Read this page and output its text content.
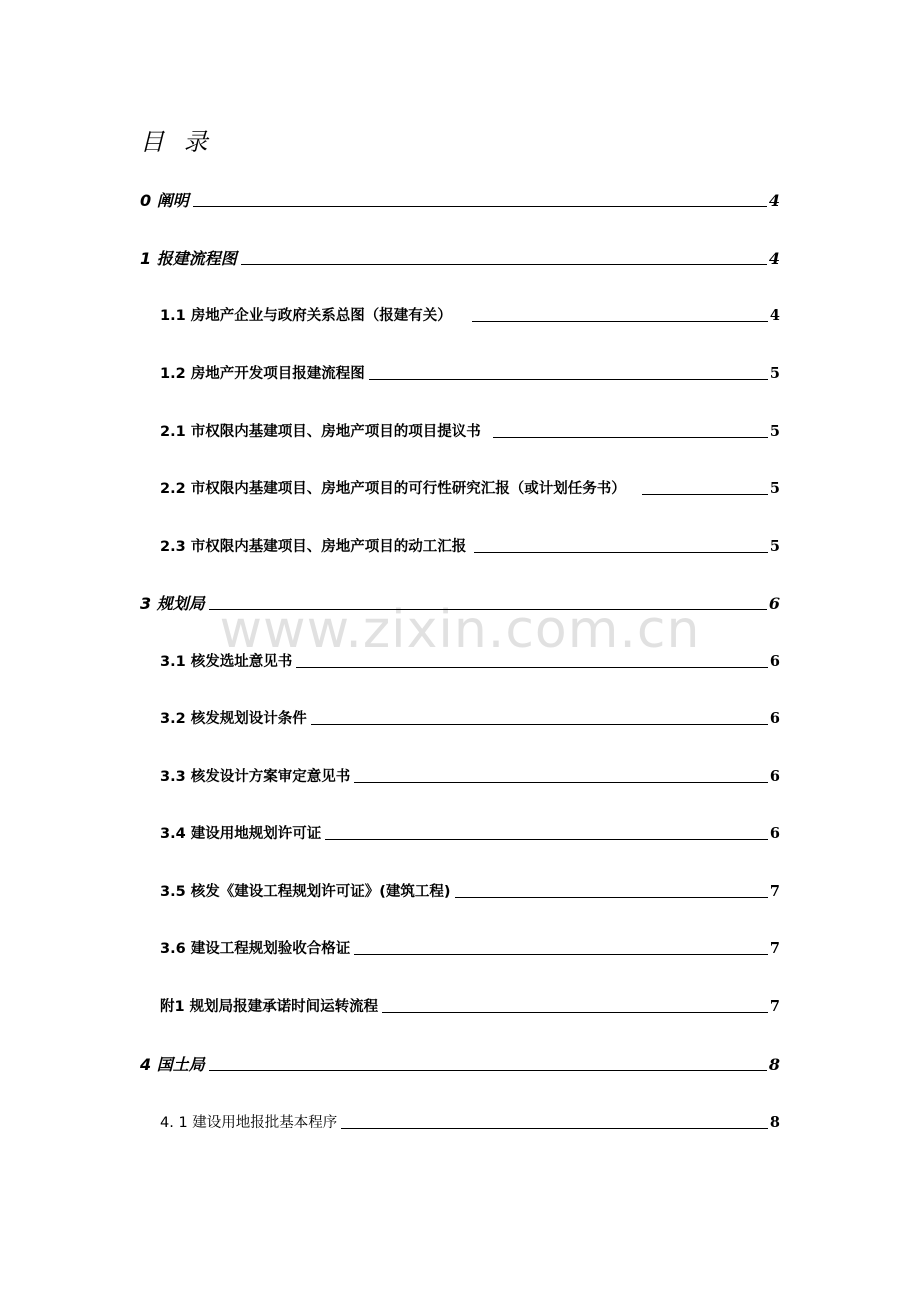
目 录
www.zixin.com.cn
0 阐明	4
1 报建流程图	4
1.1 房地产企业与政府关系总图（报建有关）	4
1.2 房地产开发项目报建流程图	5
2.1 市权限内基建项目、房地产项目的项目提议书	5
2.2 市权限内基建项目、房地产项目的可行性研究汇报（或计划任务书）	5
2.3 市权限内基建项目、房地产项目的动工汇报	5
3 规划局	6
3.1 核发选址意见书	6
3.2 核发规划设计条件	6
3.3 核发设计方案审定意见书	6
3.4 建设用地规划许可证	6
3.5 核发《建设工程规划许可证》(建筑工程)	7
3.6 建设工程规划验收合格证	7
附1 规划局报建承诺时间运转流程	7
4 国土局	8
4. 1 建设用地报批基本程序	8
